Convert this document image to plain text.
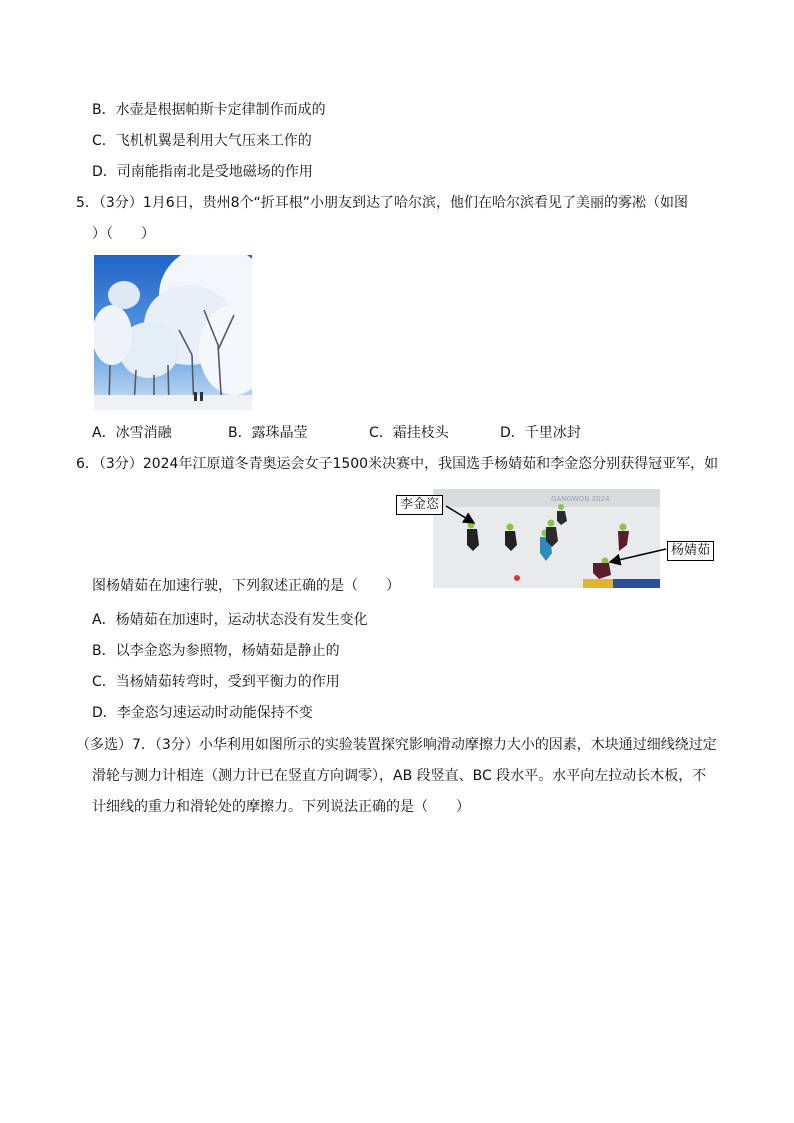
B．水壶是根据帕斯卡定律制作而成的
C．飞机机翼是利用大气压来工作的
D．司南能指南北是受地磁场的作用
5．（3分）1月6日，贵州8个“折耳根”小朋友到达了哈尔滨，他们在哈尔滨看见了美丽的雾凇（如图
）（　　）
A．冰雪消融	B．露珠晶莹	C．霜挂枝头	D．千里冰封
6．（3分）2024年江原道冬青奥运会女子1500米决赛中，我国选手杨婧茹和李金恣分别获得冠亚军，如
GANGWON 2024
李金恣
杨婧茹
图杨婧茹在加速行驶，下列叙述正确的是（　　）
A．杨婧茹在加速时，运动状态没有发生变化
B．以李金恣为参照物，杨婧茹是静止的
C．当杨婧茹转弯时，受到平衡力的作用
D．李金恣匀速运动时动能保持不变
（多选）7．（3分）小华利用如图所示的实验装置探究影响滑动摩擦力大小的因素，木块通过细线绕过定
滑轮与测力计相连（测力计已在竖直方向调零），AB 段竖直、BC 段水平。水平向左拉动长木板，不
计细线的重力和滑轮处的摩擦力。下列说法正确的是（　　）
